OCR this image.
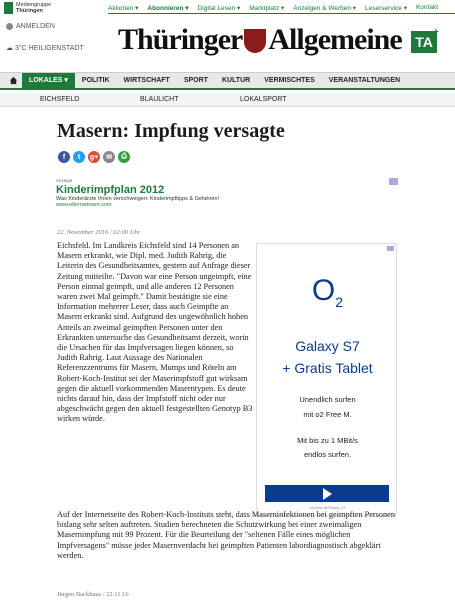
Mediengruppe
Thüringen	Aktionen ▾ Abonnieren ▾ Digital Lesen ▾ Marktplatz ▾ Anzeigen & Werben ▾ Leserservice ▾ Kontakt
ANMELDEN
☁ 3°C HEILIGENSTADT Thüringer Allgemeine TA
+
LOKALES ▾	POLITIK	WIRTSCHAFT	SPORT	KULTUR	VERMISCHTES	VERANSTALTUNGEN
EICHSFELD	BLAULICHT	LOKALSPORT
Masern: Impfung versagte
f	t	g+	✉	⎙
Anzeige
Kinderimpfplan 2012
Was Kinderärzte Ihnen verschweigen: Kinderimpftipps & Gefahren!
www.elternwissen.com
22. November 2016 / 02:00 Uhr
Eichsfeld. Im Landkreis Eichsfeld sind 14 Personen an Masern erkrankt, wie Dipl. med. Judith Rahrig, die Leiterin des Gesundheitsamtes, gestern auf Anfrage dieser Zeitung mitteilte. "Davon war eine Person ungeimpft, eine Person einmal geimpft, und alle anderen 12 Personen waren zwei Mal geimpft." Damit bestätigte sie eine Information mehrerer Leser, dass auch Geimpfte an Masern erkrankt sind. Aufgrund des ungewöhnlich hohen Anteils an zweimal geimpften Personen unter den Erkrankten untersuche das Gesundheitsamt derzeit, worin die Ursachen für das Impfversagen liegen können, so Judith Rahrig. Laut Aussage des Nationalen Referenzzentrums für Masern, Mumps und Röteln am Robert-Koch-Institut sei der Maserimpfstoff gut wirksam gegen die aktuell vorkommenden Maserntypen. Es deute nichts darauf hin, dass der Impfstoff nicht oder nur abgeschwächt gegen den aktuell festgestellten Genotyp B3 wirken würde.
$O_2$
Galaxy S7
+ Gratis Tablet
Unendlich surfen
mit o2 Free M.
Mit bis zu 1 MBit/s
endlos surfen.
o2online.de/Galaxy_S7
Auf der Internetseite des Robert-Koch-Instituts steht, dass Maserninfektionen bei geimpften Personen bislang sehr selten auftreten. Studien berechneten die Schutzwirkung bei einer zweimaligen Masernimpfung mit 99 Prozent. Für die Beurteilung der "seltenen Fälle eines möglichen Impfversagens" müsse jeder Masernverdacht bei geimpften Patienten labordiagnostisch abgeklärt werden.
Jürgen Backhaus / 22.11.16
